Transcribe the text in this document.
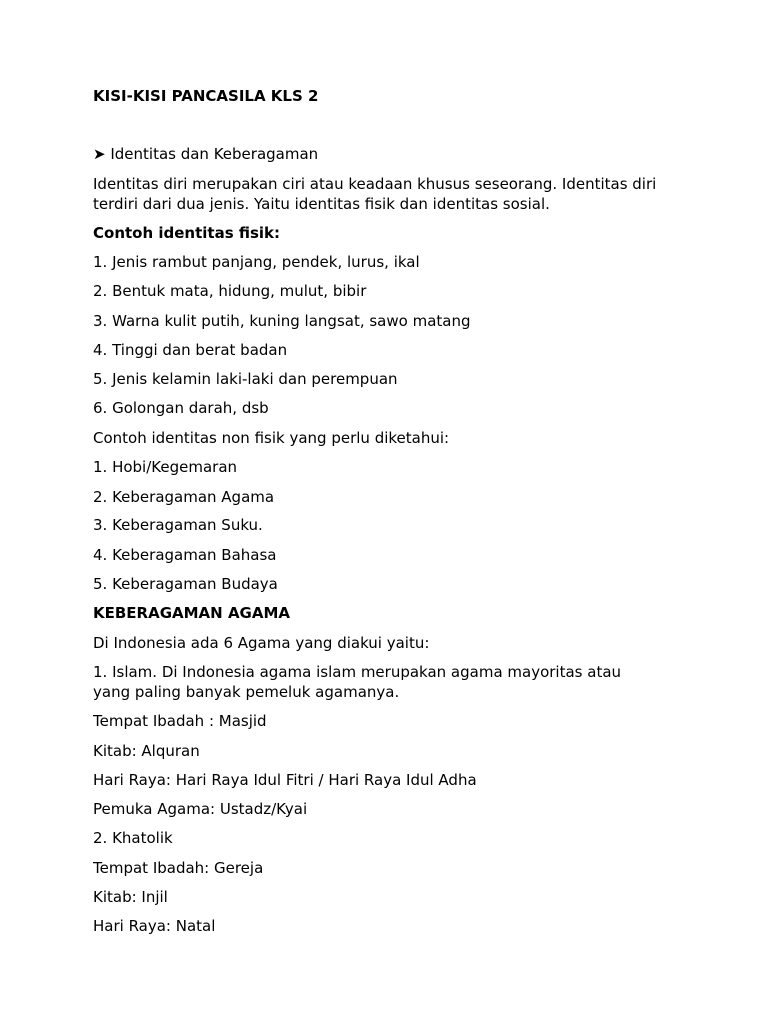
KISI-KISI PANCASILA KLS 2
➤ Identitas dan Keberagaman
Identitas diri merupakan ciri atau keadaan khusus seseorang. Identitas diri
terdiri dari dua jenis. Yaitu identitas fisik dan identitas sosial.
Contoh identitas fisik:
1. Jenis rambut panjang, pendek, lurus, ikal
2. Bentuk mata, hidung, mulut, bibir
3. Warna kulit putih, kuning langsat, sawo matang
4. Tinggi dan berat badan
5. Jenis kelamin laki-laki dan perempuan
6. Golongan darah, dsb
Contoh identitas non fisik yang perlu diketahui:
1. Hobi/Kegemaran
2. Keberagaman Agama
3. Keberagaman Suku.
4. Keberagaman Bahasa
5. Keberagaman Budaya
KEBERAGAMAN AGAMA
Di Indonesia ada 6 Agama yang diakui yaitu:
1. Islam. Di Indonesia agama islam merupakan agama mayoritas atau
yang paling banyak pemeluk agamanya.
Tempat Ibadah : Masjid
Kitab: Alquran
Hari Raya: Hari Raya Idul Fitri / Hari Raya Idul Adha
Pemuka Agama: Ustadz/Kyai
2. Khatolik
Tempat Ibadah: Gereja
Kitab: Injil
Hari Raya: Natal
